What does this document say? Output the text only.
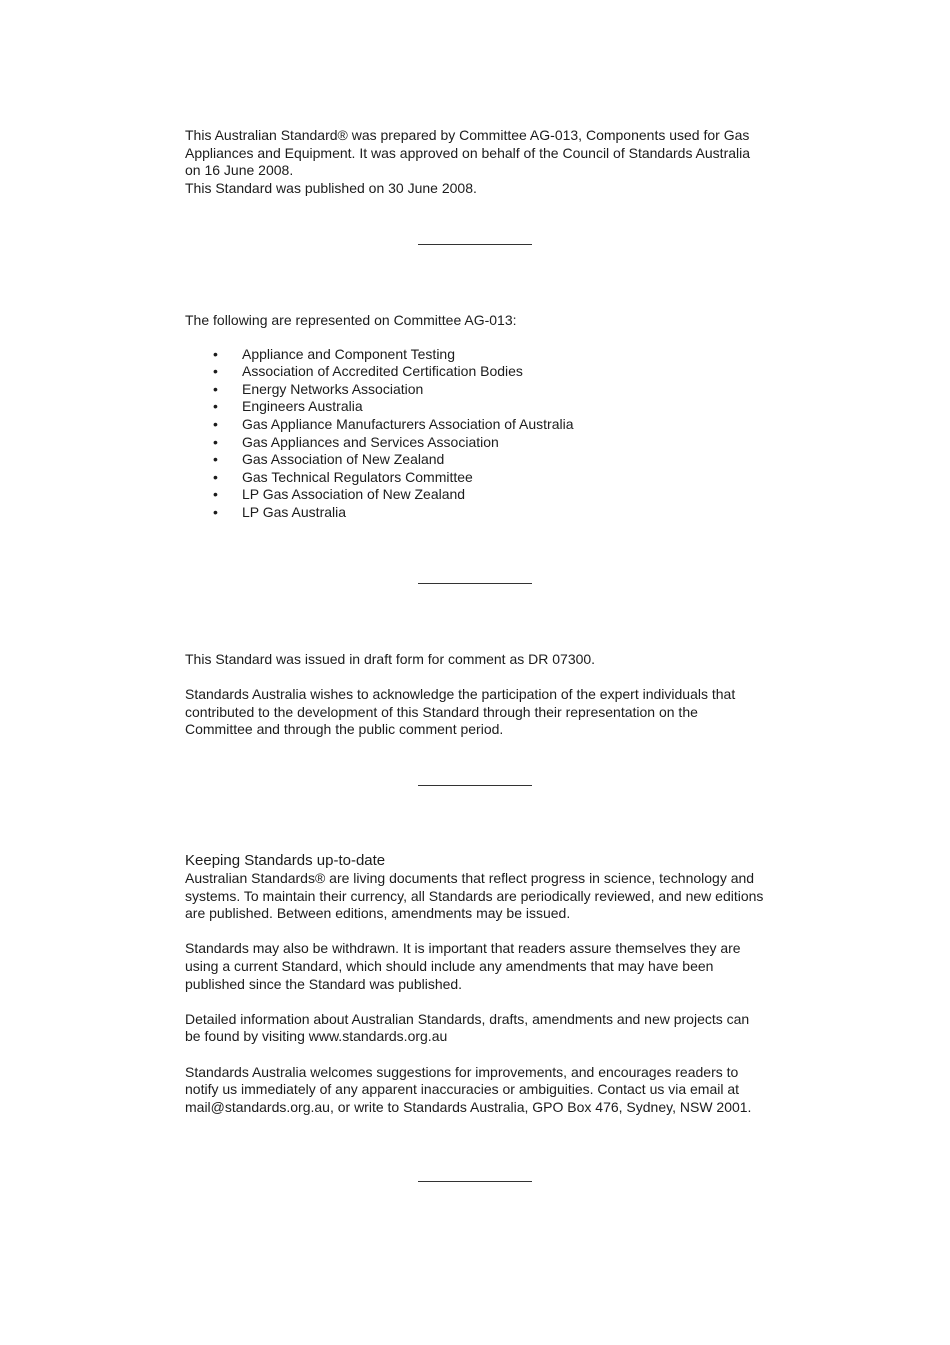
This Australian Standard® was prepared by Committee AG-013, Components used for Gas

Appliances and Equipment. It was approved on behalf of the Council of Standards Australia

on 16 June 2008.

This Standard was published on 30 June 2008.

The following are represented on Committee AG-013:

• Appliance and Component Testing
• Association of Accredited Certification Bodies
• Energy Networks Association
• Engineers Australia
• Gas Appliance Manufacturers Association of Australia
• Gas Appliances and Services Association
• Gas Association of New Zealand
• Gas Technical Regulators Committee
• LP Gas Association of New Zealand
• LP Gas Australia

This Standard was issued in draft form for comment as DR 07300.

Standards Australia wishes to acknowledge the participation of the expert individuals that

contributed to the development of this Standard through their representation on the

Committee and through the public comment period.

Keeping Standards up-to-date

Australian Standards® are living documents that reflect progress in science, technology and

systems. To maintain their currency, all Standards are periodically reviewed, and new editions

are published. Between editions, amendments may be issued.

Standards may also be withdrawn. It is important that readers assure themselves they are

using a current Standard, which should include any amendments that may have been

published since the Standard was published.

Detailed information about Australian Standards, drafts, amendments and new projects can

be found by visiting www.standards.org.au

Standards Australia welcomes suggestions for improvements, and encourages readers to

notify us immediately of any apparent inaccuracies or ambiguities. Contact us via email at

mail@standards.org.au, or write to Standards Australia, GPO Box 476, Sydney, NSW 2001.
